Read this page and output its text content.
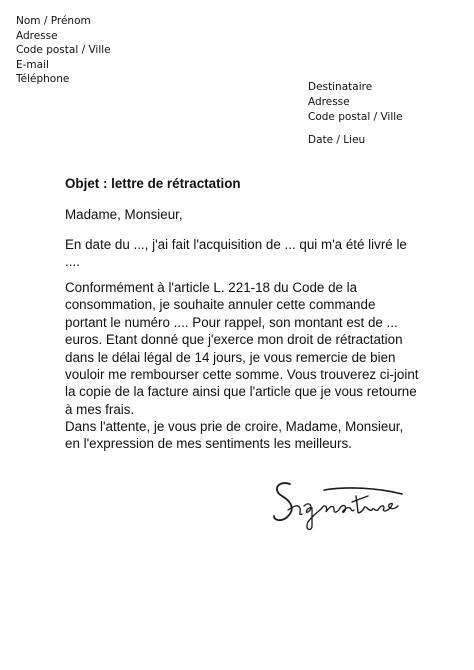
Nom / Prénom
Adresse
Code postal / Ville
E-mail
Téléphone
Destinataire
Adresse
Code postal / Ville
Date / Lieu
Objet : lettre de rétractation
Madame, Monsieur,
En date du ..., j'ai fait l'acquisition de ... qui m'a été livré le
....
Conformément à l'article L. 221-18 du Code de la
consommation, je souhaite annuler cette commande
portant le numéro .... Pour rappel, son montant est de ...
euros. Etant donné que j'exerce mon droit de rétractation
dans le délai légal de 14 jours, je vous remercie de bien
vouloir me rembourser cette somme. Vous trouverez ci-joint
la copie de la facture ainsi que l'article que je vous retourne
à mes frais.
Dans l'attente, je vous prie de croire, Madame, Monsieur,
en l'expression de mes sentiments les meilleurs.
